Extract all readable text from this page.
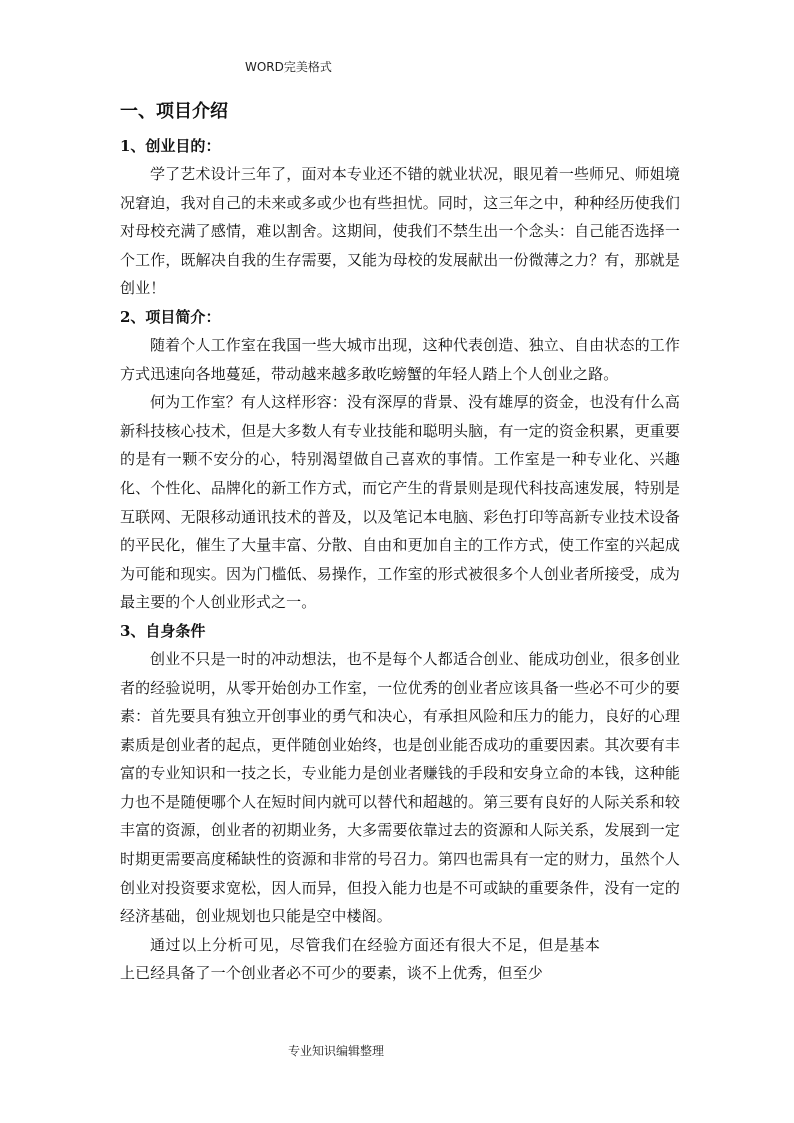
WORD完美格式
一、项目介绍
1、创业目的：

学了艺术设计三年了，面对本专业还不错的就业状况，眼见着一些师兄、师姐境况窘迫，我对自己的未来或多或少也有些担忧。同时，这三年之中，种种经历使我们对母校充满了感情，难以割舍。这期间，使我们不禁生出一个念头：自己能否选择一个工作，既解决自我的生存需要，又能为母校的发展献出一份微薄之力？有，那就是创业！

2、项目简介：

随着个人工作室在我国一些大城市出现，这种代表创造、独立、自由状态的工作方式迅速向各地蔓延，带动越来越多敢吃螃蟹的年轻人踏上个人创业之路。

何为工作室？有人这样形容：没有深厚的背景、没有雄厚的资金，也没有什么高新科技核心技术，但是大多数人有专业技能和聪明头脑，有一定的资金积累，更重要的是有一颗不安分的心，特别渴望做自己喜欢的事情。工作室是一种专业化、兴趣化、个性化、品牌化的新工作方式，而它产生的背景则是现代科技高速发展，特别是互联网、无限移动通讯技术的普及，以及笔记本电脑、彩色打印等高新专业技术设备的平民化，催生了大量丰富、分散、自由和更加自主的工作方式，使工作室的兴起成为可能和现实。因为门槛低、易操作，工作室的形式被很多个人创业者所接受，成为最主要的个人创业形式之一。

3、自身条件

创业不只是一时的冲动想法，也不是每个人都适合创业、能成功创业，很多创业者的经验说明，从零开始创办工作室，一位优秀的创业者应该具备一些必不可少的要素：首先要具有独立开创事业的勇气和决心，有承担风险和压力的能力，良好的心理素质是创业者的起点，更伴随创业始终，也是创业能否成功的重要因素。其次要有丰富的专业知识和一技之长，专业能力是创业者赚钱的手段和安身立命的本钱，这种能力也不是随便哪个人在短时间内就可以替代和超越的。第三要有良好的人际关系和较丰富的资源，创业者的初期业务，大多需要依靠过去的资源和人际关系，发展到一定时期更需要高度稀缺性的资源和非常的号召力。第四也需具有一定的财力，虽然个人创业对投资要求宽松，因人而异，但投入能力也是不可或缺的重要条件，没有一定的经济基础，创业规划也只能是空中楼阁。

通过以上分析可见，尽管我们在经验方面还有很大不足，但是基本上已经具备了一个创业者必不可少的要素，谈不上优秀，但至少

专业知识编辑整理
